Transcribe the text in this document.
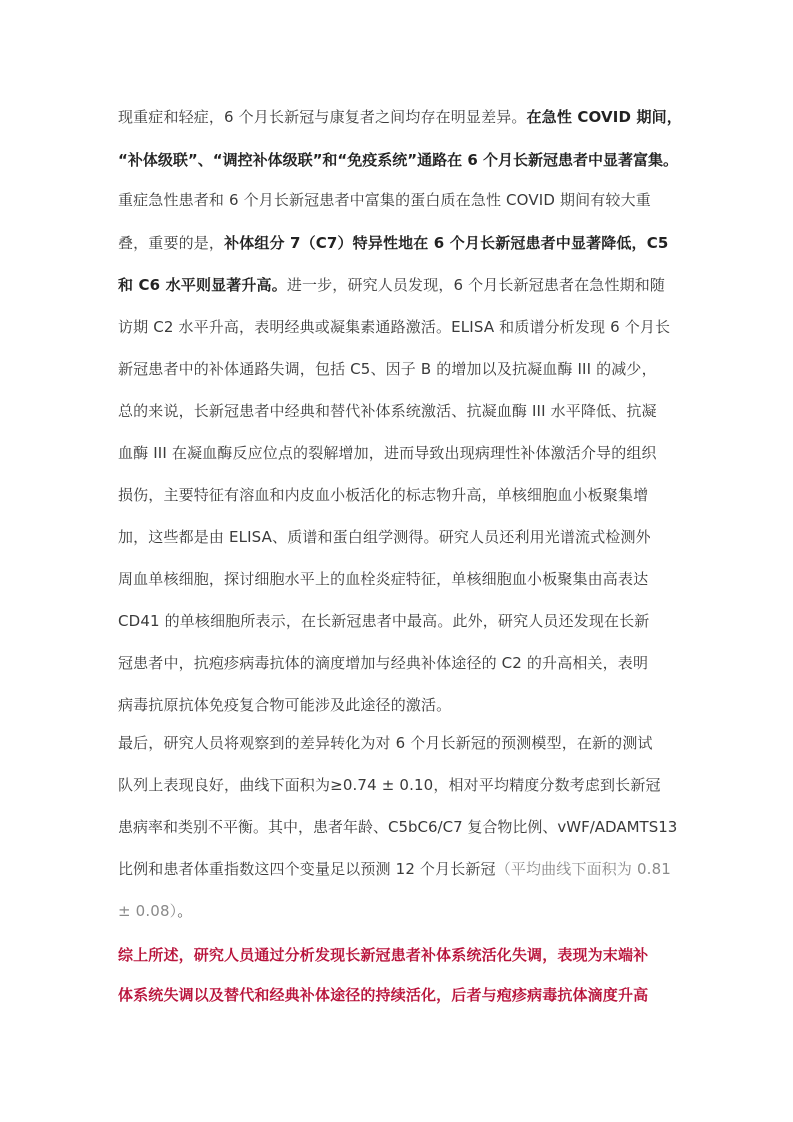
现重症和轻症，6 个月长新冠与康复者之间均存在明显差异。在急性 COVID 期间，
“补体级联”、“调控补体级联”和“免疫系统”通路在 6 个月长新冠患者中显著富集。
重症急性患者和 6 个月长新冠患者中富集的蛋白质在急性 COVID 期间有较大重
叠，重要的是，补体组分 7（C7）特异性地在 6 个月长新冠患者中显著降低，C5
和 C6 水平则显著升高。进一步，研究人员发现，6 个月长新冠患者在急性期和随
访期 C2 水平升高，表明经典或凝集素通路激活。ELISA 和质谱分析发现 6 个月长
新冠患者中的补体通路失调，包括 C5、因子 B 的增加以及抗凝血酶 III 的减少，
总的来说，长新冠患者中经典和替代补体系统激活、抗凝血酶 III 水平降低、抗凝
血酶 III 在凝血酶反应位点的裂解增加，进而导致出现病理性补体激活介导的组织
损伤，主要特征有溶血和内皮血小板活化的标志物升高，单核细胞血小板聚集增
加，这些都是由 ELISA、质谱和蛋白组学测得。研究人员还利用光谱流式检测外
周血单核细胞，探讨细胞水平上的血栓炎症特征，单核细胞血小板聚集由高表达
CD41 的单核细胞所表示，在长新冠患者中最高。此外，研究人员还发现在长新
冠患者中，抗疱疹病毒抗体的滴度增加与经典补体途径的 C2 的升高相关，表明
病毒抗原抗体免疫复合物可能涉及此途径的激活。
最后，研究人员将观察到的差异转化为对 6 个月长新冠的预测模型，在新的测试
队列上表现良好，曲线下面积为≥0.74 ± 0.10，相对平均精度分数考虑到长新冠
患病率和类别不平衡。其中，患者年龄、C5bC6/C7 复合物比例、vWF/ADAMTS13
比例和患者体重指数这四个变量足以预测 12 个月长新冠（平均曲线下面积为 0.81
± 0.08）。
综上所述，研究人员通过分析发现长新冠患者补体系统活化失调，表现为末端补
体系统失调以及替代和经典补体途径的持续活化，后者与疱疹病毒抗体滴度升高
